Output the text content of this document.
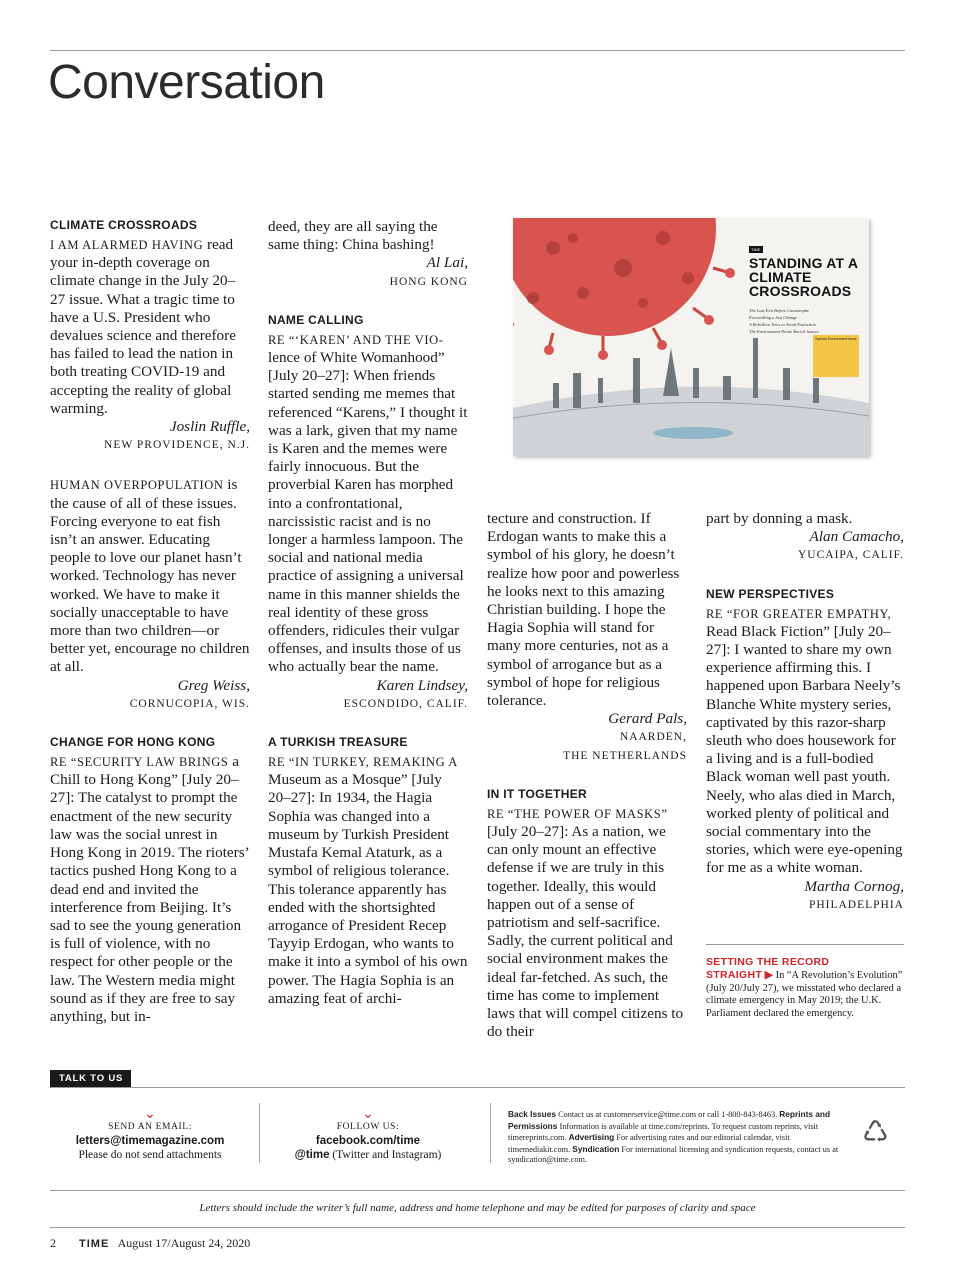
Conversation
CLIMATE CROSSROADS

I AM ALARMED HAVING read your in-depth coverage on climate change in the July 20–27 issue. What a tragic time to have a U.S. President who devalues science and therefore has failed to lead the nation in both treating COVID-19 and accepting the reality of global warming.

Joslin Ruffle,
NEW PROVIDENCE, N.J.

HUMAN OVERPOPULATION is the cause of all of these issues. Forcing everyone to eat fish isn’t an answer. Educating people to love our planet hasn’t worked. Technology has never worked. We have to make it socially unacceptable to have more than two children—or better yet, encourage no children at all.

Greg Weiss,
CORNUCOPIA, WIS.
CHANGE FOR HONG KONG

RE “SECURITY LAW BRINGS a Chill to Hong Kong” [July 20–27]: The catalyst to prompt the enactment of the new security law was the social unrest in Hong Kong in 2019. The rioters’ tactics pushed Hong Kong to a dead end and invited the interference from Beijing. It’s sad to see the young generation is full of violence, with no respect for other people or the law. The Western media might sound as if they are free to say anything, but in-

deed, they are all saying the same thing: China bashing!

Al Lai,
HONG KONG
NAME CALLING

RE “‘KAREN’ AND THE VIO- lence of White Womanhood” [July 20–27]: When friends started sending me memes that referenced “Karens,” I thought it was a lark, given that my name is Karen and the memes were fairly innocuous. But the proverbial Karen has morphed into a confrontational, narcissistic racist and is no longer a harmless lampoon. The social and national media practice of assigning a universal name in this manner shields the real identity of these gross offenders, ridicules their vulgar offenses, and insults those of us who actually bear the name.

Karen Lindsey,
ESCONDIDO, CALIF.
A TURKISH TREASURE

RE “IN TURKEY, REMAKING A Museum as a Mosque” [July 20–27]: In 1934, the Hagia Sophia was changed into a museum by Turkish President Mustafa Kemal Ataturk, as a symbol of religious tolerance. This tolerance apparently has ended with the shortsighted arrogance of President Recep Tayyip Erdogan, who wants to make it into a symbol of his own power. The Hagia Sophia is an amazing feat of archi-

TIME
STANDING AT A CLIMATE CROSSROADS
The Last Exit Before Catastrophe
Forestalling a Sea Change
A Rebellion Tries to Avoid Extinction
The Environment Needs Racial Justice
Special Environment Issue

tecture and construction. If Erdogan wants to make this a symbol of his glory, he doesn’t realize how poor and powerless he looks next to this amazing Christian building. I hope the Hagia Sophia will stand for many more centuries, not as a symbol of arrogance but as a symbol of hope for religious tolerance.

Gerard Pals,
NAARDEN,
THE NETHERLANDS
IN IT TOGETHER

RE “THE POWER OF MASKS” [July 20–27]: As a nation, we can only mount an effective defense if we are truly in this together. Ideally, this would happen out of a sense of patriotism and self-sacrifice. Sadly, the current political and social environment makes the ideal far-fetched. As such, the time has come to implement laws that will compel citizens to do their

part by donning a mask.

Alan Camacho,
YUCAIPA, CALIF.
NEW PERSPECTIVES

RE “FOR GREATER EMPATHY, Read Black Fiction” [July 20–27]: I wanted to share my own experience affirming this. I happened upon Barbara Neely’s Blanche White mystery series, captivated by this razor-sharp sleuth who does housework for a living and is a full-bodied Black woman well past youth. Neely, who alas died in March, worked plenty of political and social commentary into the stories, which were eye-opening for me as a white woman.

Martha Cornog,
PHILADELPHIA
SETTING THE RECORD
STRAIGHT ▶ In “A Revolution’s Evolution” (July 20/July 27), we misstated who declared a climate emergency in May 2019; the U.K. Parliament declared the emergency.
TALK TO US
⌄
SEND AN EMAIL:
letters@timemagazine.com
Please do not send attachments
⌄
FOLLOW US:
facebook.com/time
@time (Twitter and Instagram)
Back Issues Contact us at customerservice@time.com or call 1-800-843-8463. Reprints and Permissions Information is available at time.com/reprints. To request custom reprints, visit timereprints.com. Advertising For advertising rates and our editorial calendar, visit timemediakit.com. Syndication For international licensing and syndication requests, contact us at syndication@time.com.
♺
Letters should include the writer’s full name, address and home telephone and may be edited for purposes of clarity and space
2 TIME August 17/August 24, 2020
